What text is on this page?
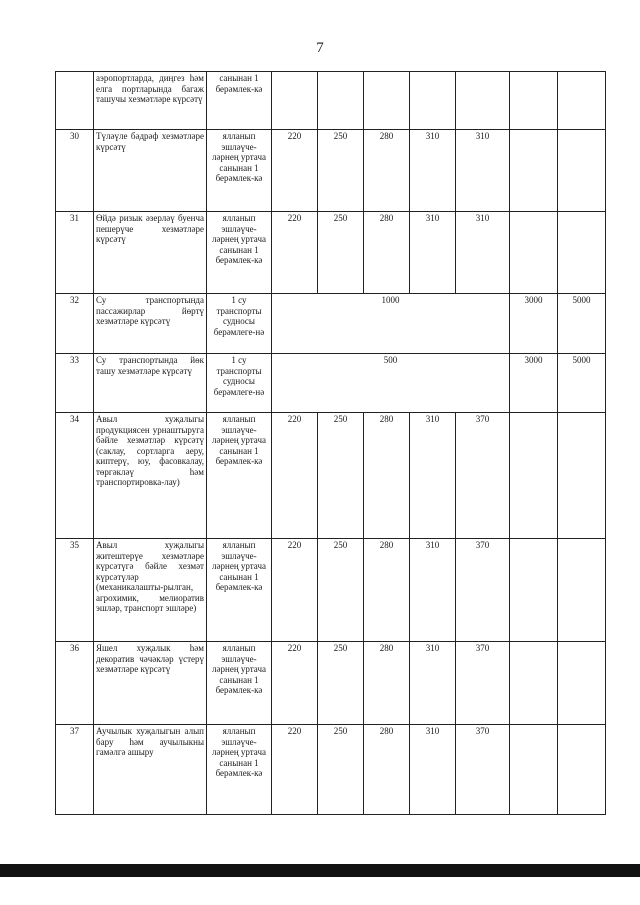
7
	аэропортларда, диңгез һәм елга портларында багаж ташучы хезмәтләре күрсәтү	санынан 1 берәмлек-кә							
30	Түләүле бәдрәф хезмәтләре күрсәтү	ялланып эшләүче-ләрнең уртача санынан 1 берәмлек-кә	220	250	280	310	310		
31	Өйдә ризык әзерләү буенча пешерүче хезмәтләре күрсәтү	ялланып эшләүче-ләрнең уртача санынан 1 берәмлек-кә	220	250	280	310	310		
32	Су транспортында пассажирлар йөртү хезмәтләре күрсәтү	1 су транспорты судносы берәмлеге-нә	1000					3000	5000
33	Су транспортында йөк ташу хезмәтләре күрсәтү	1 су транспорты судносы берәмлеге-нә	500					3000	5000
34	Авыл хуҗалыгы продукциясен урнаштыруга бәйле хезмәтләр күрсәтү (саклау, сортларга аеру, киптерү, юу, фасовкалау, төргәкләү һәм транспортировка-лау)	ялланып эшләүче-ләрнең уртача санынан 1 берәмлек-кә	220	250	280	310	370		
35	Авыл хуҗалыгы житештерүе хезмәтләре күрсәтүгә бәйле хезмәт күрсәтүләр (механикалашты-рылган, агрохимик, мелиоратив эшләр, транспорт эшләре)	ялланып эшләүче-ләрнең уртача санынан 1 берәмлек-кә	220	250	280	310	370		
36	Яшел хуҗалык һәм декоратив чәчәкләр үстерү хезмәтләре күрсәтү	ялланып эшләүче-ләрнең уртача санынан 1 берәмлек-кә	220	250	280	310	370		
37	Аучылык хуҗалыгын алып бару һәм аучылыкны гамәлгә ашыру	ялланып эшләүче-ләрнең уртача санынан 1 берәмлек-кә	220	250	280	310	370		
